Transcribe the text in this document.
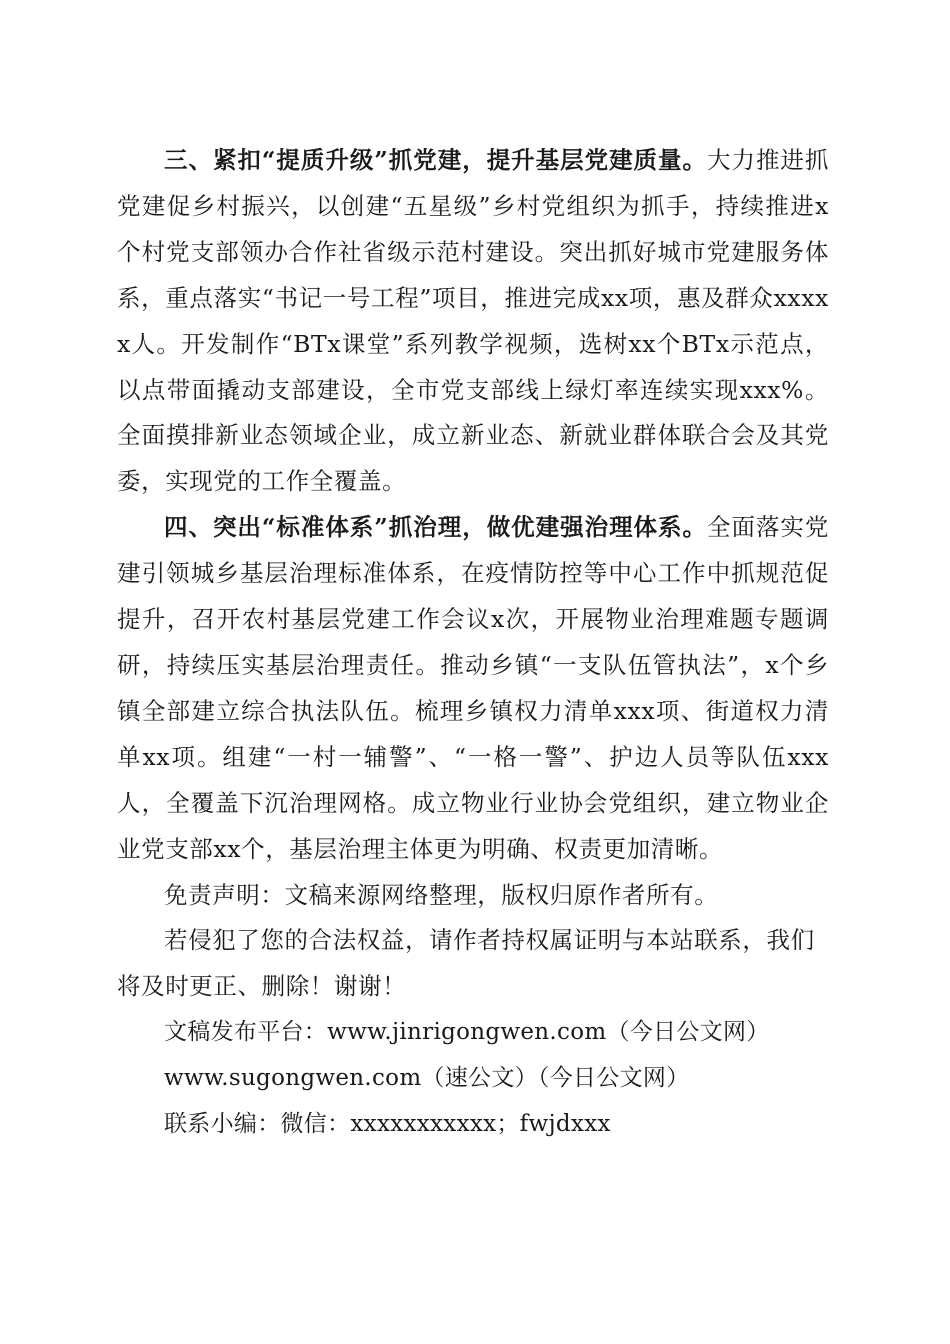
三、紧扣“提质升级”抓党建，提升基层党建质量。大力推进抓党建促乡村振兴，以创建“五星级”乡村党组织为抓手，持续推进x个村党支部领办合作社省级示范村建设。突出抓好城市党建服务体系，重点落实“书记一号工程”项目，推进完成xx项，惠及群众xxxxx人。开发制作“BTx课堂”系列教学视频，选树xx个BTx示范点，以点带面撬动支部建设，全市党支部线上绿灯率连续实现xxx%。全面摸排新业态领域企业，成立新业态、新就业群体联合会及其党委，实现党的工作全覆盖。

四、突出“标准体系”抓治理，做优建强治理体系。全面落实党建引领城乡基层治理标准体系，在疫情防控等中心工作中抓规范促提升，召开农村基层党建工作会议x次，开展物业治理难题专题调研，持续压实基层治理责任。推动乡镇“一支队伍管执法”，x个乡镇全部建立综合执法队伍。梳理乡镇权力清单xxx项、街道权力清单xx项。组建“一村一辅警”、“一格一警”、护边人员等队伍xxx人，全覆盖下沉治理网格。成立物业行业协会党组织，建立物业企业党支部xx个，基层治理主体更为明确、权责更加清晰。

免责声明：文稿来源网络整理，版权归原作者所有。

若侵犯了您的合法权益，请作者持权属证明与本站联系，我们将及时更正、删除！谢谢！

文稿发布平台：www.jinrigongwen.com（今日公文网）

www.sugongwen.com（速公文）（今日公文网）

联系小编：微信：xxxxxxxxxxx；fwjdxxx
